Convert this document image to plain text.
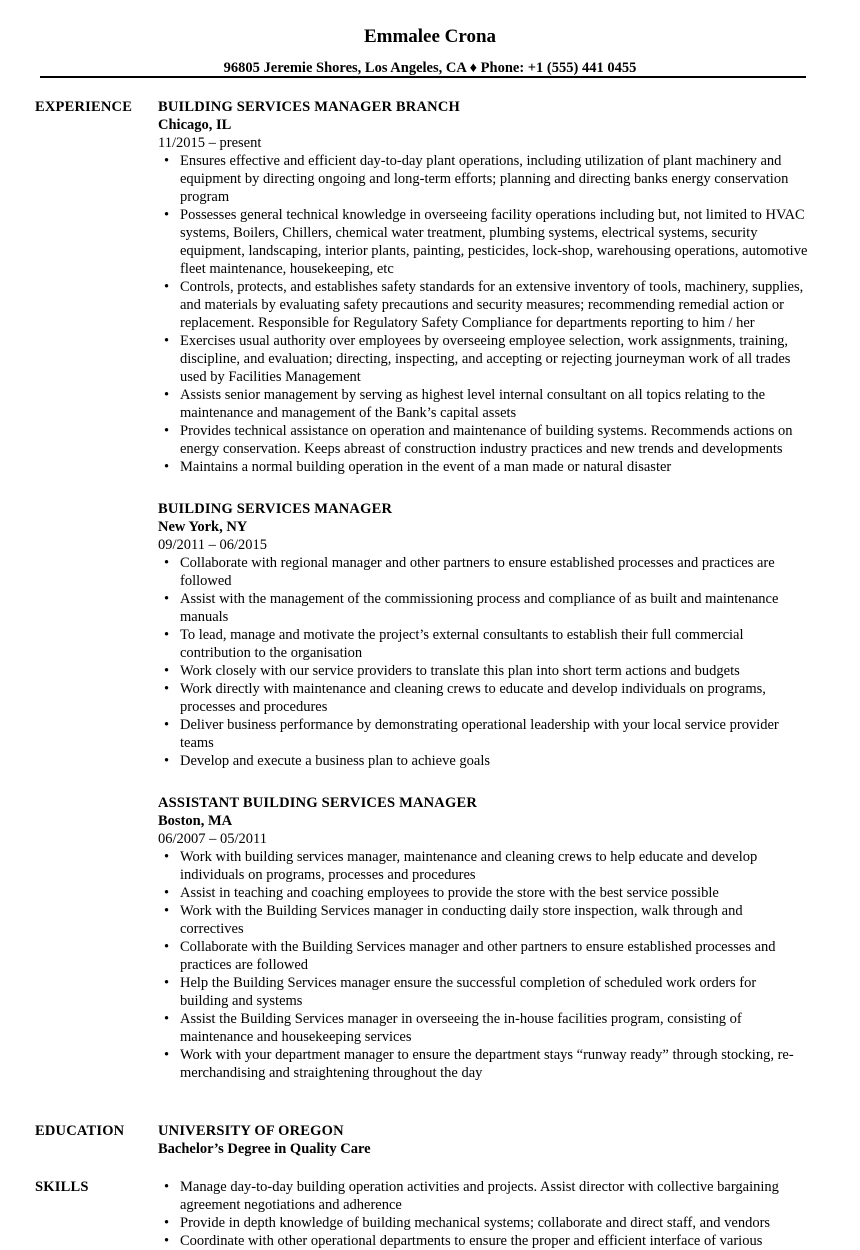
Emmalee Crona
96805 Jeremie Shores, Los Angeles, CA ♦ Phone: +1 (555) 441 0455
EXPERIENCE BUILDING SERVICES MANAGER BRANCH
Chicago, IL
11/2015 – present
• Ensures effective and efficient day-to-day plant operations, including utilization of plant machinery and equipment by directing ongoing and long-term efforts; planning and directing banks energy conservation program
• Possesses general technical knowledge in overseeing facility operations including but, not limited to HVAC systems, Boilers, Chillers, chemical water treatment, plumbing systems, electrical systems, security equipment, landscaping, interior plants, painting, pesticides, lock-shop, warehousing operations, automotive fleet maintenance, housekeeping, etc
• Controls, protects, and establishes safety standards for an extensive inventory of tools, machinery, supplies, and materials by evaluating safety precautions and security measures; recommending remedial action or replacement. Responsible for Regulatory Safety Compliance for departments reporting to him / her
• Exercises usual authority over employees by overseeing employee selection, work assignments, training, discipline, and evaluation; directing, inspecting, and accepting or rejecting journeyman work of all trades used by Facilities Management
• Assists senior management by serving as highest level internal consultant on all topics relating to the maintenance and management of the Bank’s capital assets
• Provides technical assistance on operation and maintenance of building systems. Recommends actions on energy conservation. Keeps abreast of construction industry practices and new trends and developments
• Maintains a normal building operation in the event of a man made or natural disaster
BUILDING SERVICES MANAGER
New York, NY
09/2011 – 06/2015
• Collaborate with regional manager and other partners to ensure established processes and practices are followed
• Assist with the management of the commissioning process and compliance of as built and maintenance manuals
• To lead, manage and motivate the project’s external consultants to establish their full commercial contribution to the organisation
• Work closely with our service providers to translate this plan into short term actions and budgets
• Work directly with maintenance and cleaning crews to educate and develop individuals on programs, processes and procedures
• Deliver business performance by demonstrating operational leadership with your local service provider teams
• Develop and execute a business plan to achieve goals
ASSISTANT BUILDING SERVICES MANAGER
Boston, MA
06/2007 – 05/2011
• Work with building services manager, maintenance and cleaning crews to help educate and develop individuals on programs, processes and procedures
• Assist in teaching and coaching employees to provide the store with the best service possible
• Work with the Building Services manager in conducting daily store inspection, walk through and correctives
• Collaborate with the Building Services manager and other partners to ensure established processes and practices are followed
• Help the Building Services manager ensure the successful completion of scheduled work orders for building and systems
• Assist the Building Services manager in overseeing the in-house facilities program, consisting of maintenance and housekeeping services
• Work with your department manager to ensure the department stays “runway ready” through stocking, re-merchandising and straightening throughout the day
EDUCATION UNIVERSITY OF OREGON
Bachelor’s Degree in Quality Care
SKILLS
•	Manage day-to-day building operation activities and projects. Assist director with collective bargaining agreement negotiations and adherence
• Provide in depth knowledge of building mechanical systems; collaborate and direct staff, and vendors
• Coordinate with other operational departments to ensure the proper and efficient interface of various
